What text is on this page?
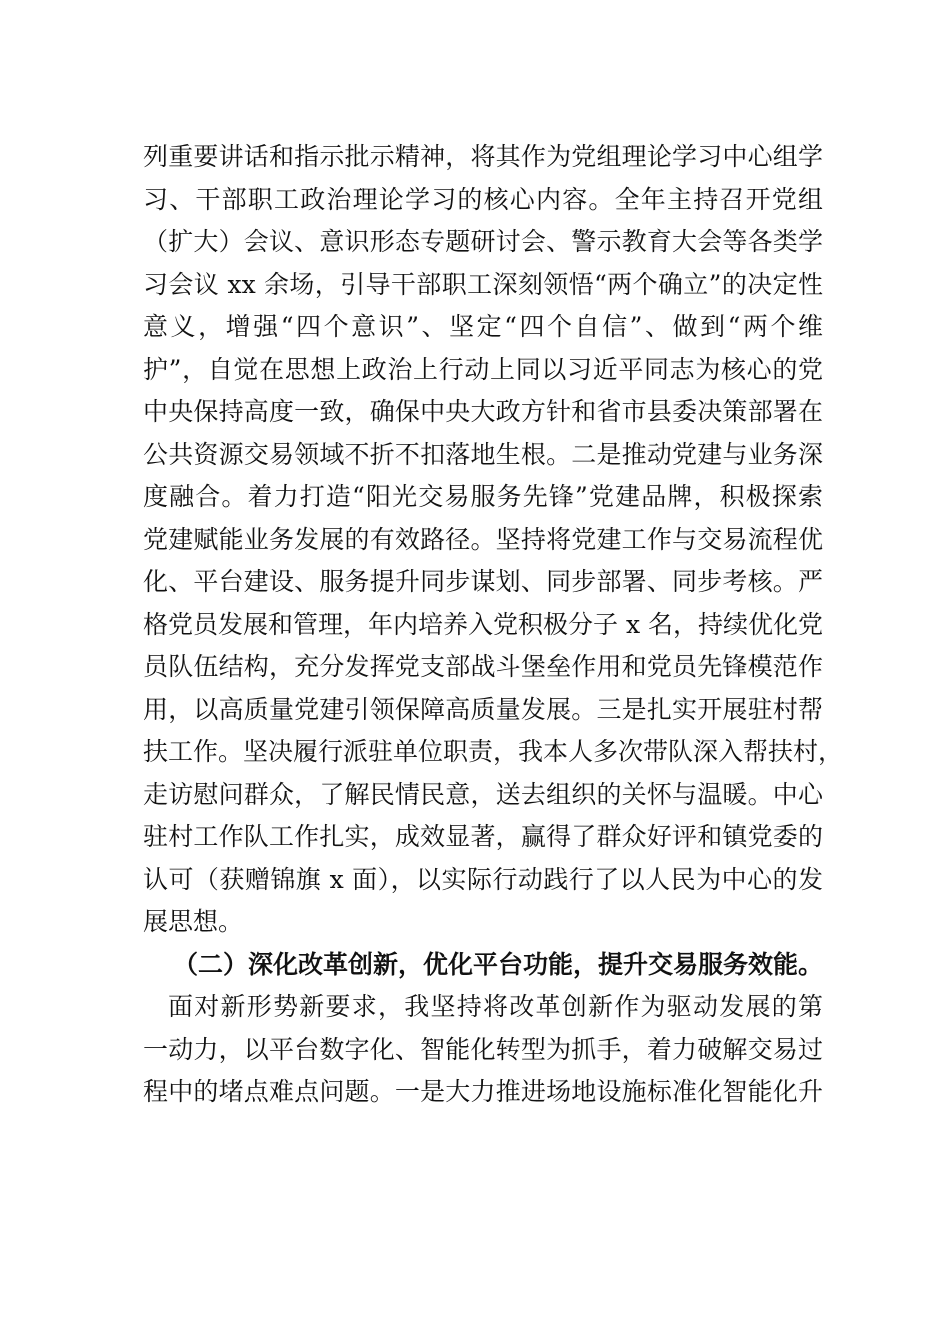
列重要讲话和指示批示精神，将其作为党组理论学习中心组学
习、干部职工政治理论学习的核心内容。全年主持召开党组
（扩大）会议、意识形态专题研讨会、警示教育大会等各类学
习会议 xx 余场，引导干部职工深刻领悟“两个确立”的决定性
意义，增强“四个意识”、坚定“四个自信”、做到“两个维
护”，自觉在思想上政治上行动上同以习近平同志为核心的党
中央保持高度一致，确保中央大政方针和省市县委决策部署在
公共资源交易领域不折不扣落地生根。二是推动党建与业务深
度融合。着力打造“阳光交易服务先锋”党建品牌，积极探索
党建赋能业务发展的有效路径。坚持将党建工作与交易流程优
化、平台建设、服务提升同步谋划、同步部署、同步考核。严
格党员发展和管理，年内培养入党积极分子 x 名，持续优化党
员队伍结构，充分发挥党支部战斗堡垒作用和党员先锋模范作
用，以高质量党建引领保障高质量发展。三是扎实开展驻村帮
扶工作。坚决履行派驻单位职责，我本人多次带队深入帮扶村，
走访慰问群众，了解民情民意，送去组织的关怀与温暖。中心
驻村工作队工作扎实，成效显著，赢得了群众好评和镇党委的
认可（获赠锦旗 x 面），以实际行动践行了以人民为中心的发
展思想。
（二）深化改革创新，优化平台功能，提升交易服务效能。
面对新形势新要求，我坚持将改革创新作为驱动发展的第
一动力，以平台数字化、智能化转型为抓手，着力破解交易过
程中的堵点难点问题。一是大力推进场地设施标准化智能化升
